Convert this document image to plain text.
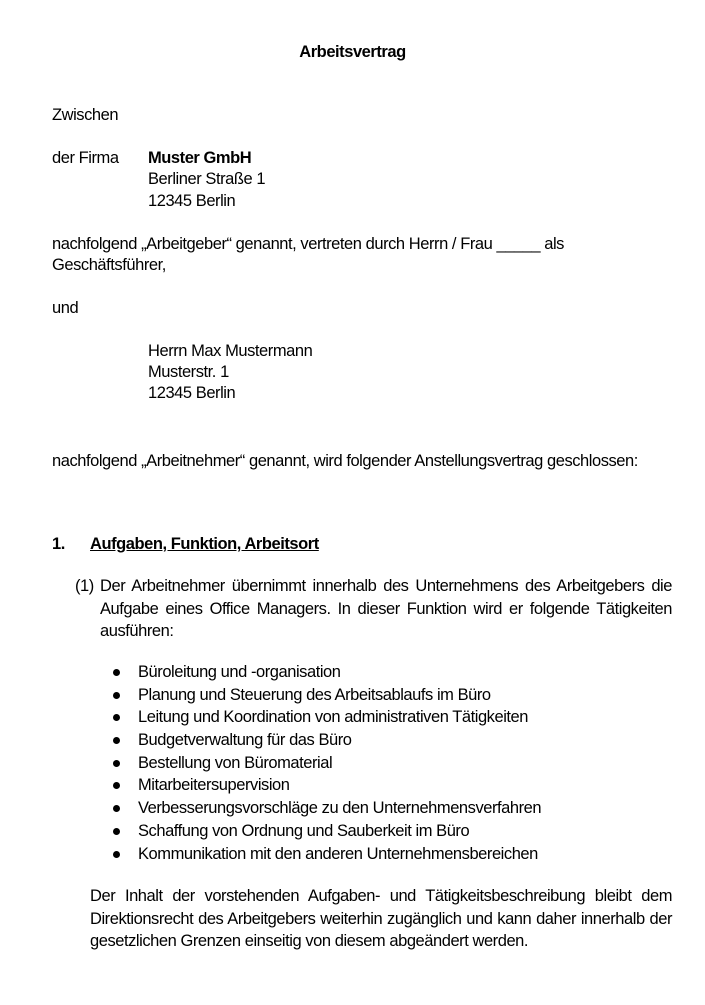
Arbeitsvertrag
Zwischen
der Firma Muster GmbH
Berliner Straße 1
12345 Berlin
nachfolgend „Arbeitgeber“ genannt, vertreten durch Herrn / Frau _____ als
Geschäftsführer,
und
Herrn Max Mustermann
Musterstr. 1
12345 Berlin
nachfolgend „Arbeitnehmer“ genannt, wird folgender Anstellungsvertrag geschlossen:
1. Aufgaben, Funktion, Arbeitsort
(1) Der Arbeitnehmer übernimmt innerhalb des Unternehmens des Arbeitgebers die
Aufgabe eines Office Managers. In dieser Funktion wird er folgende Tätigkeiten
ausführen:
Büroleitung und -organisation
Planung und Steuerung des Arbeitsablaufs im Büro
Leitung und Koordination von administrativen Tätigkeiten
Budgetverwaltung für das Büro
Bestellung von Büromaterial
Mitarbeitersupervision
Verbesserungsvorschläge zu den Unternehmensverfahren
Schaffung von Ordnung und Sauberkeit im Büro
Kommunikation mit den anderen Unternehmensbereichen
Der Inhalt der vorstehenden Aufgaben- und Tätigkeitsbeschreibung bleibt dem
Direktionsrecht des Arbeitgebers weiterhin zugänglich und kann daher innerhalb der
gesetzlichen Grenzen einseitig von diesem abgeändert werden.
